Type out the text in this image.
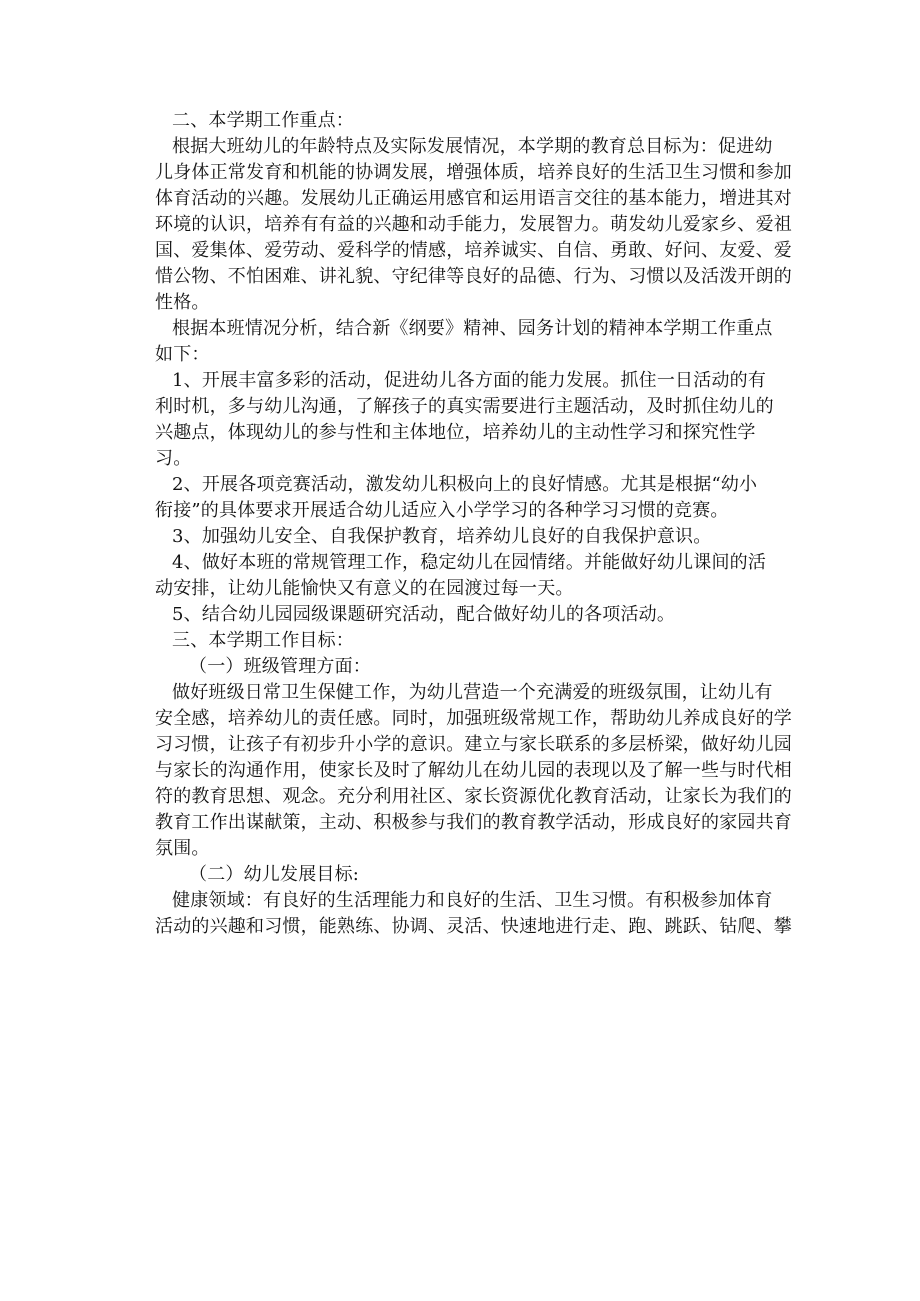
二、本学期工作重点：

根据大班幼儿的年龄特点及实际发展情况，本学期的教育总目标为：促进幼
儿身体正常发育和机能的协调发展，增强体质，培养良好的生活卫生习惯和参加
体育活动的兴趣。发展幼儿正确运用感官和运用语言交往的基本能力，增进其对
环境的认识，培养有有益的兴趣和动手能力，发展智力。萌发幼儿爱家乡、爱祖
国、爱集体、爱劳动、爱科学的情感，培养诚实、自信、勇敢、好问、友爱、爱
惜公物、不怕困难、讲礼貌、守纪律等良好的品德、行为、习惯以及活泼开朗的
性格。

根据本班情况分析，结合新《纲要》精神、园务计划的精神本学期工作重点
如下：

1、开展丰富多彩的活动，促进幼儿各方面的能力发展。抓住一日活动的有
利时机，多与幼儿沟通，了解孩子的真实需要进行主题活动，及时抓住幼儿的
兴趣点，体现幼儿的参与性和主体地位，培养幼儿的主动性学习和探究性学
习。

2、开展各项竞赛活动，激发幼儿积极向上的良好情感。尤其是根据“幼小
衔接”的具体要求开展适合幼儿适应入小学学习的各种学习习惯的竞赛。

3、加强幼儿安全、自我保护教育，培养幼儿良好的自我保护意识。

4、做好本班的常规管理工作，稳定幼儿在园情绪。并能做好幼儿课间的活
动安排，让幼儿能愉快又有意义的在园渡过每一天。

5、结合幼儿园园级课题研究活动，配合做好幼儿的各项活动。

三、本学期工作目标：

（一）班级管理方面：

做好班级日常卫生保健工作，为幼儿营造一个充满爱的班级氛围，让幼儿有
安全感，培养幼儿的责任感。同时，加强班级常规工作，帮助幼儿养成良好的学
习习惯，让孩子有初步升小学的意识。建立与家长联系的多层桥梁，做好幼儿园
与家长的沟通作用，使家长及时了解幼儿在幼儿园的表现以及了解一些与时代相
符的教育思想、观念。充分利用社区、家长资源优化教育活动，让家长为我们的
教育工作出谋献策，主动、积极参与我们的教育教学活动，形成良好的家园共育
氛围。

（二）幼儿发展目标:

健康领域：有良好的生活理能力和良好的生活、卫生习惯。有积极参加体育
活动的兴趣和习惯，能熟练、协调、灵活、快速地进行走、跑、跳跃、钻爬、攀
